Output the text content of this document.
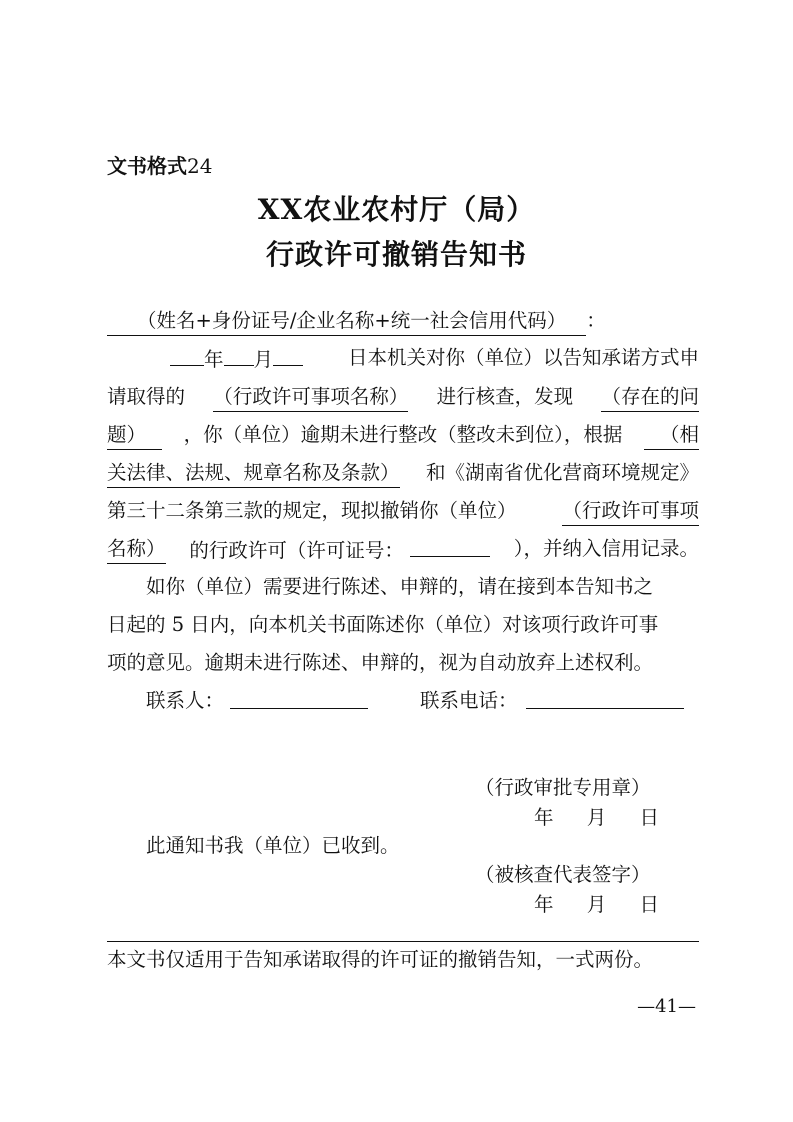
文书格式24
XX农业农村厅（局）
行政许可撤销告知书
（姓名+身份证号/企业名称+统一社会信用代码）	：
年 月	日本机关对你（单位）以告知承诺方式申
请取得的 （行政许可事项名称） 进行核查，发现 （存在的问
题）	，你（单位）逾期未进行整改（整改未到位），根据	（相
关法律、法规、规章名称及条款） 和《湖南省优化营商环境规定》
第三十二条第三款的规定，现拟撤销你（单位） （行政许可事项
名称） 的行政许可（许可证号：	），并纳入信用记录。
如你（单位）需要进行陈述、申辩的，请在接到本告知书之
日起的 5 日内，向本机关书面陈述你（单位）对该项行政许可事
项的意见。逾期未进行陈述、申辩的，视为自动放弃上述权利。
联系人：	联系电话：
（行政审批专用章）
年 月 日
此通知书我（单位）已收到。
（被核查代表签字）
年 月 日
本文书仅适用于告知承诺取得的许可证的撤销告知，一式两份。
—41—
